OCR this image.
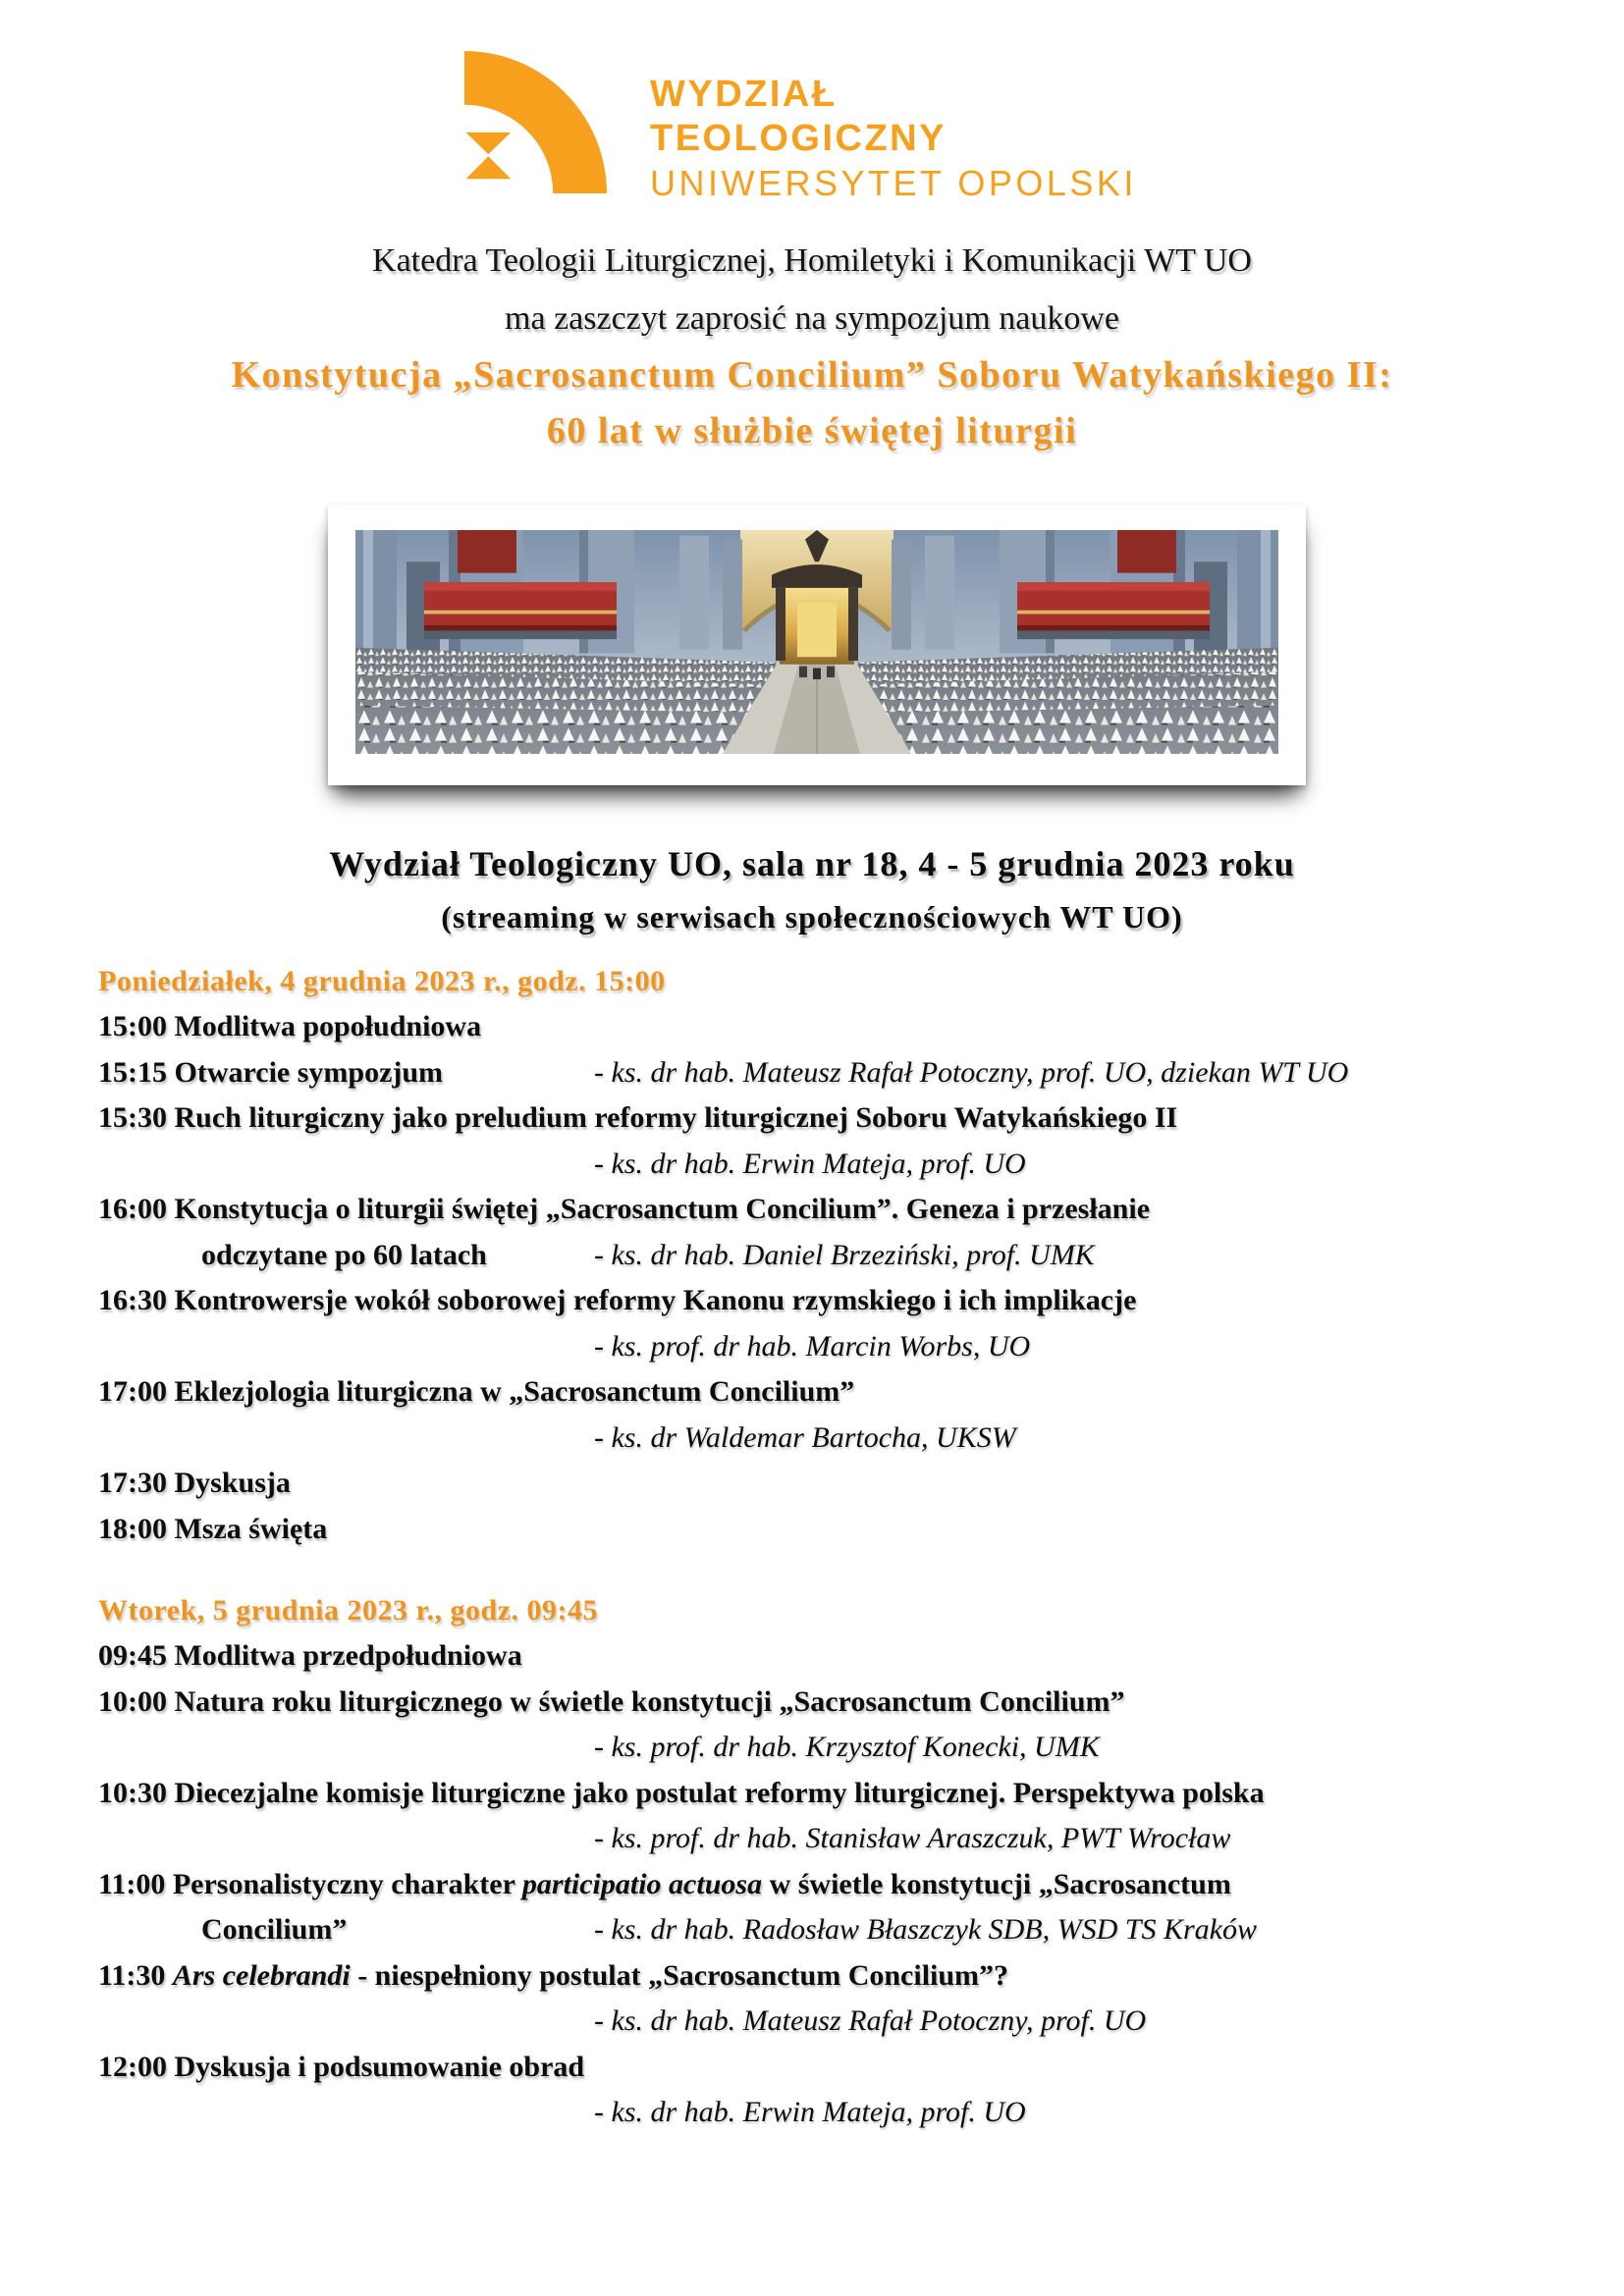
WYDZIAŁ
TEOLOGICZNY
UNIWERSYTET OPOLSKI
Katedra Teologii Liturgicznej, Homiletyki i Komunikacji WT UO
ma zaszczyt zaprosić na sympozjum naukowe
Konstytucja „Sacrosanctum Concilium” Soboru Watykańskiego II:
60 lat w służbie świętej liturgii
Wydział Teologiczny UO, sala nr 18, 4 - 5 grudnia 2023 roku
(streaming w serwisach społecznościowych WT UO)
Poniedziałek, 4 grudnia 2023 r., godz. 15:00
15:00 Modlitwa popołudniowa
15:15 Otwarcie sympozjum	- ks. dr hab. Mateusz Rafał Potoczny, prof. UO, dziekan WT UO
15:30 Ruch liturgiczny jako preludium reformy liturgicznej Soboru Watykańskiego II
- ks. dr hab. Erwin Mateja, prof. UO
16:00 Konstytucja o liturgii świętej „Sacrosanctum Concilium”. Geneza i przesłanie
odczytane po 60 latach	- ks. dr hab. Daniel Brzeziński, prof. UMK
16:30 Kontrowersje wokół soborowej reformy Kanonu rzymskiego i ich implikacje
- ks. prof. dr hab. Marcin Worbs, UO
17:00 Eklezjologia liturgiczna w „Sacrosanctum Concilium”
- ks. dr Waldemar Bartocha, UKSW
17:30 Dyskusja
18:00 Msza święta
Wtorek, 5 grudnia 2023 r., godz. 09:45
09:45 Modlitwa przedpołudniowa
10:00 Natura roku liturgicznego w świetle konstytucji „Sacrosanctum Concilium”
- ks. prof. dr hab. Krzysztof Konecki, UMK
10:30 Diecezjalne komisje liturgiczne jako postulat reformy liturgicznej. Perspektywa polska
- ks. prof. dr hab. Stanisław Araszczuk, PWT Wrocław
11:00 Personalistyczny charakter participatio actuosa w świetle konstytucji „Sacrosanctum
Concilium”	- ks. dr hab. Radosław Błaszczyk SDB, WSD TS Kraków
11:30 Ars celebrandi - niespełniony postulat „Sacrosanctum Concilium”?
- ks. dr hab. Mateusz Rafał Potoczny, prof. UO
12:00 Dyskusja i podsumowanie obrad
- ks. dr hab. Erwin Mateja, prof. UO
